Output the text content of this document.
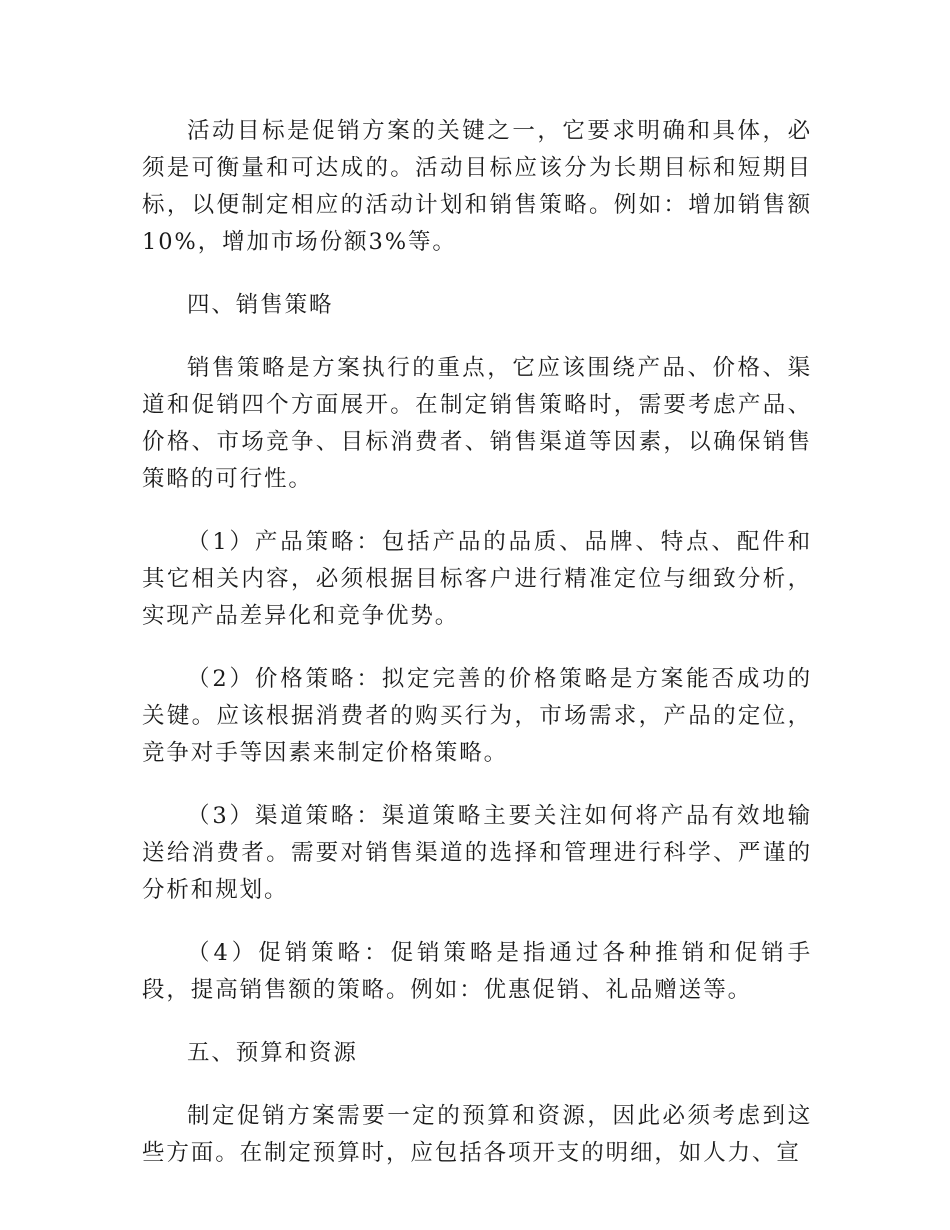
活动目标是促销方案的关键之一，它要求明确和具体，必须是可衡量和可达成的。活动目标应该分为长期目标和短期目标，以便制定相应的活动计划和销售策略。例如：增加销售额10%，增加市场份额3%等。

四、销售策略

销售策略是方案执行的重点，它应该围绕产品、价格、渠道和促销四个方面展开。在制定销售策略时，需要考虑产品、价格、市场竞争、目标消费者、销售渠道等因素，以确保销售策略的可行性。

（1）产品策略：包括产品的品质、品牌、特点、配件和其它相关内容，必须根据目标客户进行精准定位与细致分析，实现产品差异化和竞争优势。

（2）价格策略：拟定完善的价格策略是方案能否成功的关键。应该根据消费者的购买行为，市场需求，产品的定位，竞争对手等因素来制定价格策略。

（3）渠道策略：渠道策略主要关注如何将产品有效地输送给消费者。需要对销售渠道的选择和管理进行科学、严谨的分析和规划。

（4）促销策略：促销策略是指通过各种推销和促销手段，提高销售额的策略。例如：优惠促销、礼品赠送等。

五、预算和资源

制定促销方案需要一定的预算和资源，因此必须考虑到这些方面。在制定预算时，应包括各项开支的明细，如人力、宣
